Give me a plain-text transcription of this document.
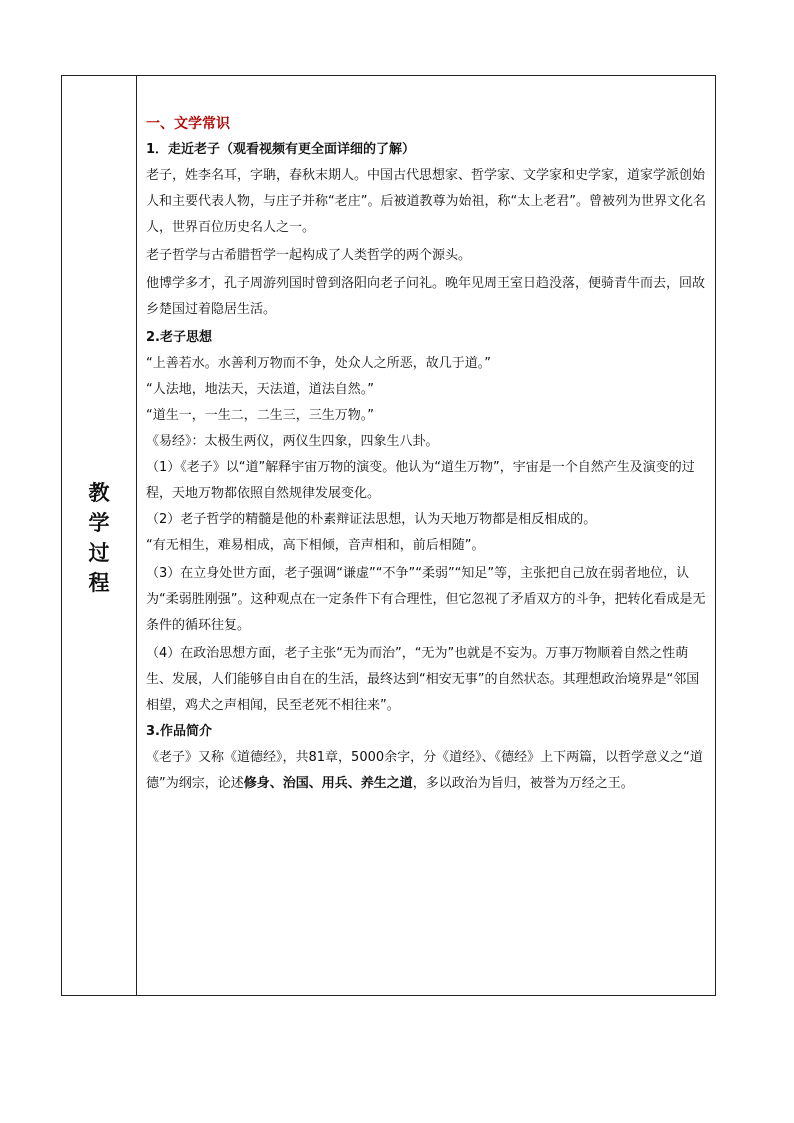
教
学
过
程

一、文学常识

1．走近老子（观看视频有更全面详细的了解）

老子，姓李名耳，字聃，春秋末期人。中国古代思想家、哲学家、文学家和史学家，道家学派创始人和主要代表人物，与庄子并称“老庄”。后被道教尊为始祖，称“太上老君”。曾被列为世界文化名人，世界百位历史名人之一。

老子哲学与古希腊哲学一起构成了人类哲学的两个源头。

他博学多才，孔子周游列国时曾到洛阳向老子问礼。晚年见周王室日趋没落，便骑青牛而去，回故乡楚国过着隐居生活。

2.老子思想

“上善若水。水善利万物而不争，处众人之所恶，故几于道。”

“人法地，地法天，天法道，道法自然。”

“道生一，一生二，二生三，三生万物。”

《易经》：太极生两仪，两仪生四象，四象生八卦。

（1）《老子》以“道”解释宇宙万物的演变。他认为“道生万物”，宇宙是一个自然产生及演变的过程，天地万物都依照自然规律发展变化。

（2）老子哲学的精髓是他的朴素辩证法思想，认为天地万物都是相反相成的。

“有无相生，难易相成，高下相倾，音声相和，前后相随”。

（3）在立身处世方面，老子强调“谦虚”“不争”“柔弱”“知足”等，主张把自己放在弱者地位，认为“柔弱胜刚强”。这种观点在一定条件下有合理性，但它忽视了矛盾双方的斗争，把转化看成是无条件的循环往复。

（4）在政治思想方面，老子主张“无为而治”，“无为”也就是不妄为。万事万物顺着自然之性萌生、发展，人们能够自由自在的生活，最终达到“相安无事”的自然状态。其理想政治境界是“邻国相望，鸡犬之声相闻，民至老死不相往来”。

3.作品简介

《老子》又称《道德经》，共81章，5000余字，分《道经》、《德经》上下两篇，以哲学意义之“道德”为纲宗，论述修身、治国、用兵、养生之道，多以政治为旨归，被誉为万经之王。
